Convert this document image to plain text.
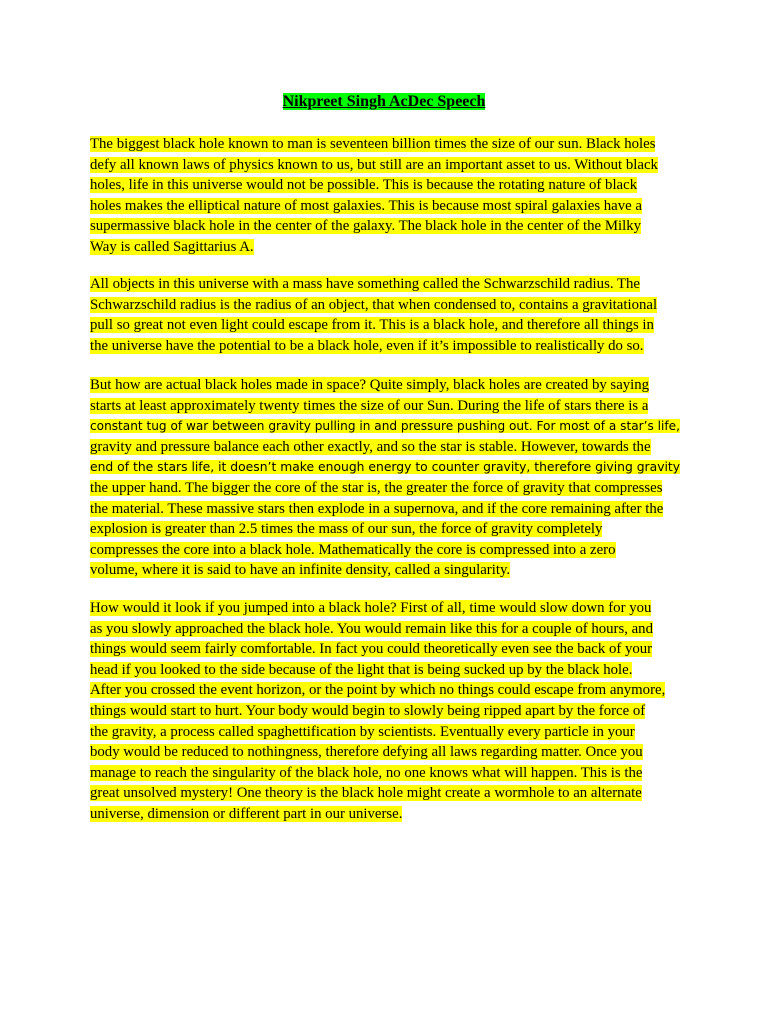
Nikpreet Singh AcDec Speech
The biggest black hole known to man is seventeen billion times the size of our sun. Black holes
defy all known laws of physics known to us, but still are an important asset to us. Without black
holes, life in this universe would not be possible. This is because the rotating nature of black
holes makes the elliptical nature of most galaxies. This is because most spiral galaxies have a
supermassive black hole in the center of the galaxy. The black hole in the center of the Milky
Way is called Sagittarius A.
All objects in this universe with a mass have something called the Schwarzschild radius. The
Schwarzschild radius is the radius of an object, that when condensed to, contains a gravitational
pull so great not even light could escape from it. This is a black hole, and therefore all things in
the universe have the potential to be a black hole, even if it’s impossible to realistically do so.
But how are actual black holes made in space? Quite simply, black holes are created by saying
starts at least approximately twenty times the size of our Sun. During the life of stars there is a
constant tug of war between gravity pulling in and pressure pushing out. For most of a star’s life,
gravity and pressure balance each other exactly, and so the star is stable. However, towards the
end of the stars life, it doesn’t make enough energy to counter gravity, therefore giving gravity
the upper hand. The bigger the core of the star is, the greater the force of gravity that compresses
the material. These massive stars then explode in a supernova, and if the core remaining after the
explosion is greater than 2.5 times the mass of our sun, the force of gravity completely
compresses the core into a black hole. Mathematically the core is compressed into a zero
volume, where it is said to have an infinite density, called a singularity.
How would it look if you jumped into a black hole? First of all, time would slow down for you
as you slowly approached the black hole. You would remain like this for a couple of hours, and
things would seem fairly comfortable. In fact you could theoretically even see the back of your
head if you looked to the side because of the light that is being sucked up by the black hole.
After you crossed the event horizon, or the point by which no things could escape from anymore,
things would start to hurt. Your body would begin to slowly being ripped apart by the force of
the gravity, a process called spaghettification by scientists. Eventually every particle in your
body would be reduced to nothingness, therefore defying all laws regarding matter. Once you
manage to reach the singularity of the black hole, no one knows what will happen. This is the
great unsolved mystery! One theory is the black hole might create a wormhole to an alternate
universe, dimension or different part in our universe.
